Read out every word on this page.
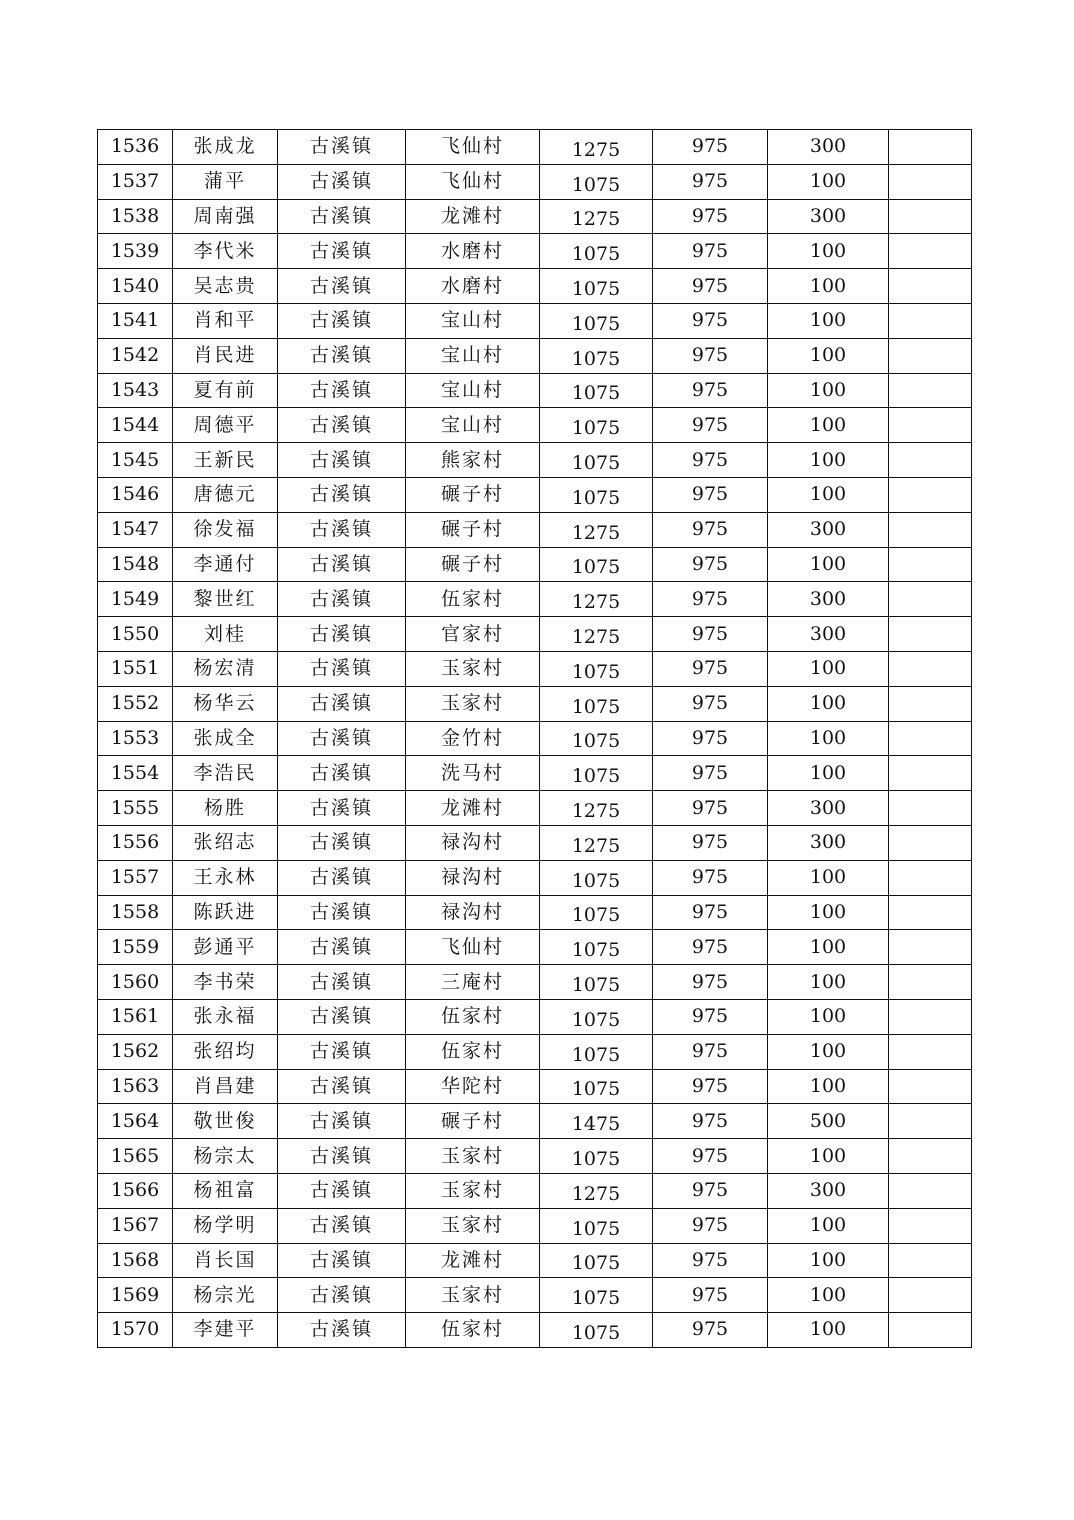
1536	张成龙	古溪镇	飞仙村	1275	975	300	
1537	蒲平	古溪镇	飞仙村	1075	975	100	
1538	周南强	古溪镇	龙滩村	1275	975	300	
1539	李代米	古溪镇	水磨村	1075	975	100	
1540	吴志贵	古溪镇	水磨村	1075	975	100	
1541	肖和平	古溪镇	宝山村	1075	975	100	
1542	肖民进	古溪镇	宝山村	1075	975	100	
1543	夏有前	古溪镇	宝山村	1075	975	100	
1544	周德平	古溪镇	宝山村	1075	975	100	
1545	王新民	古溪镇	熊家村	1075	975	100	
1546	唐德元	古溪镇	碾子村	1075	975	100	
1547	徐发福	古溪镇	碾子村	1275	975	300	
1548	李通付	古溪镇	碾子村	1075	975	100	
1549	黎世红	古溪镇	伍家村	1275	975	300	
1550	刘桂	古溪镇	官家村	1275	975	300	
1551	杨宏清	古溪镇	玉家村	1075	975	100	
1552	杨华云	古溪镇	玉家村	1075	975	100	
1553	张成全	古溪镇	金竹村	1075	975	100	
1554	李浩民	古溪镇	洗马村	1075	975	100	
1555	杨胜	古溪镇	龙滩村	1275	975	300	
1556	张绍志	古溪镇	禄沟村	1275	975	300	
1557	王永林	古溪镇	禄沟村	1075	975	100	
1558	陈跃进	古溪镇	禄沟村	1075	975	100	
1559	彭通平	古溪镇	飞仙村	1075	975	100	
1560	李书荣	古溪镇	三庵村	1075	975	100	
1561	张永福	古溪镇	伍家村	1075	975	100	
1562	张绍均	古溪镇	伍家村	1075	975	100	
1563	肖昌建	古溪镇	华陀村	1075	975	100	
1564	敬世俊	古溪镇	碾子村	1475	975	500	
1565	杨宗太	古溪镇	玉家村	1075	975	100	
1566	杨祖富	古溪镇	玉家村	1275	975	300	
1567	杨学明	古溪镇	玉家村	1075	975	100	
1568	肖长国	古溪镇	龙滩村	1075	975	100	
1569	杨宗光	古溪镇	玉家村	1075	975	100	
1570	李建平	古溪镇	伍家村	1075	975	100	
